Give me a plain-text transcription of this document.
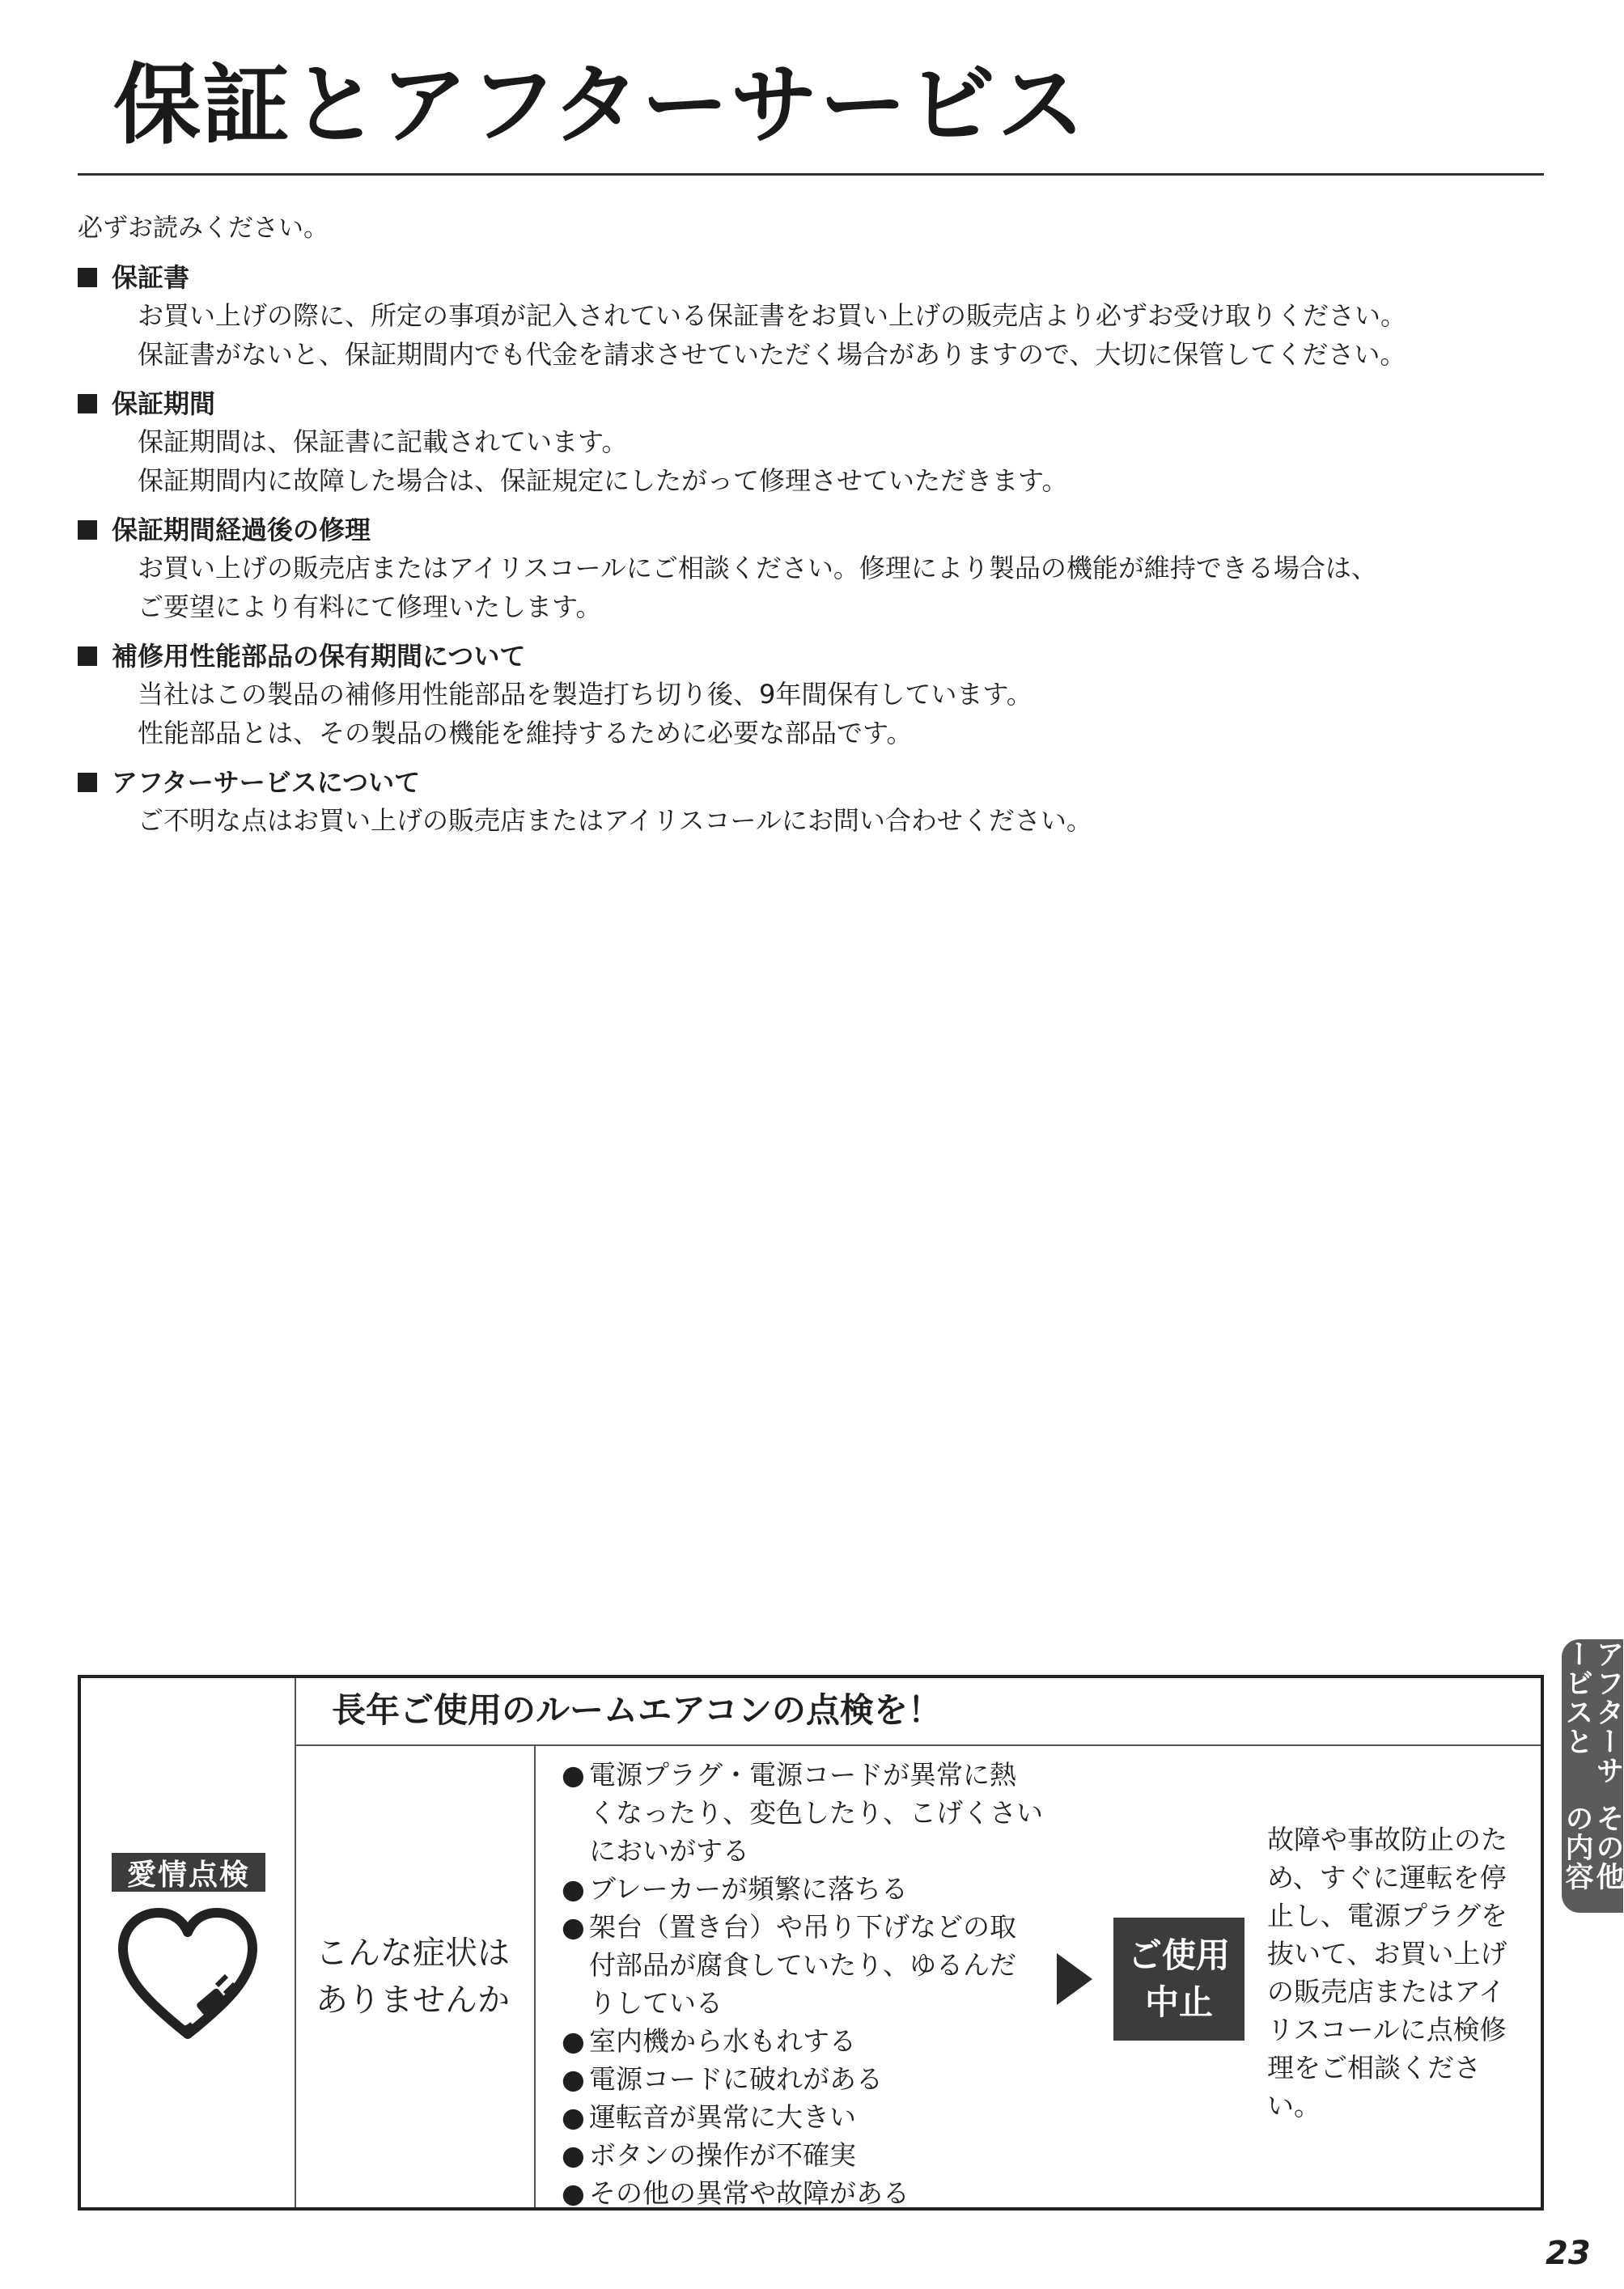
保証とアフターサービス
必ずお読みください。
保証書
お買い上げの際に、所定の事項が記入されている保証書をお買い上げの販売店より必ずお受け取りください。
保証書がないと、保証期間内でも代金を請求させていただく場合がありますので、大切に保管してください。
保証期間
保証期間は、保証書に記載されています。
保証期間内に故障した場合は、保証規定にしたがって修理させていただきます。
保証期間経過後の修理
お買い上げの販売店またはアイリスコールにご相談ください。修理により製品の機能が維持できる場合は、
ご要望により有料にて修理いたします。
補修用性能部品の保有期間について
当社はこの製品の補修用性能部品を製造打ち切り後、9年間保有しています。
性能部品とは、その製品の機能を維持するために必要な部品です。
アフターサービスについて
ご不明な点はお買い上げの販売店またはアイリスコールにお問い合わせください。
愛情点検
長年ご使用のルームエアコンの点検を！
こんな症状は
ありませんか
● 電源プラグ・電源コードが異常に熱
くなったり、変色したり、こげくさい
においがする
● ブレーカーが頻繁に落ちる
● 架台（置き台）や吊り下げなどの取
付部品が腐食していたり、ゆるんだ
りしている
● 室内機から水もれする
● 電源コードに破れがある
● 運転音が異常に大きい
● ボタンの操作が不確実
● その他の異常や故障がある
ご使用
中止
故障や事故防止のた
め、すぐに運転を停
止し、電源プラグを
抜いて、お買い上げ
の販売店またはアイ
リスコールに点検修
理をご相談くださ
い。
アフターサービスと
その他の内容
23
